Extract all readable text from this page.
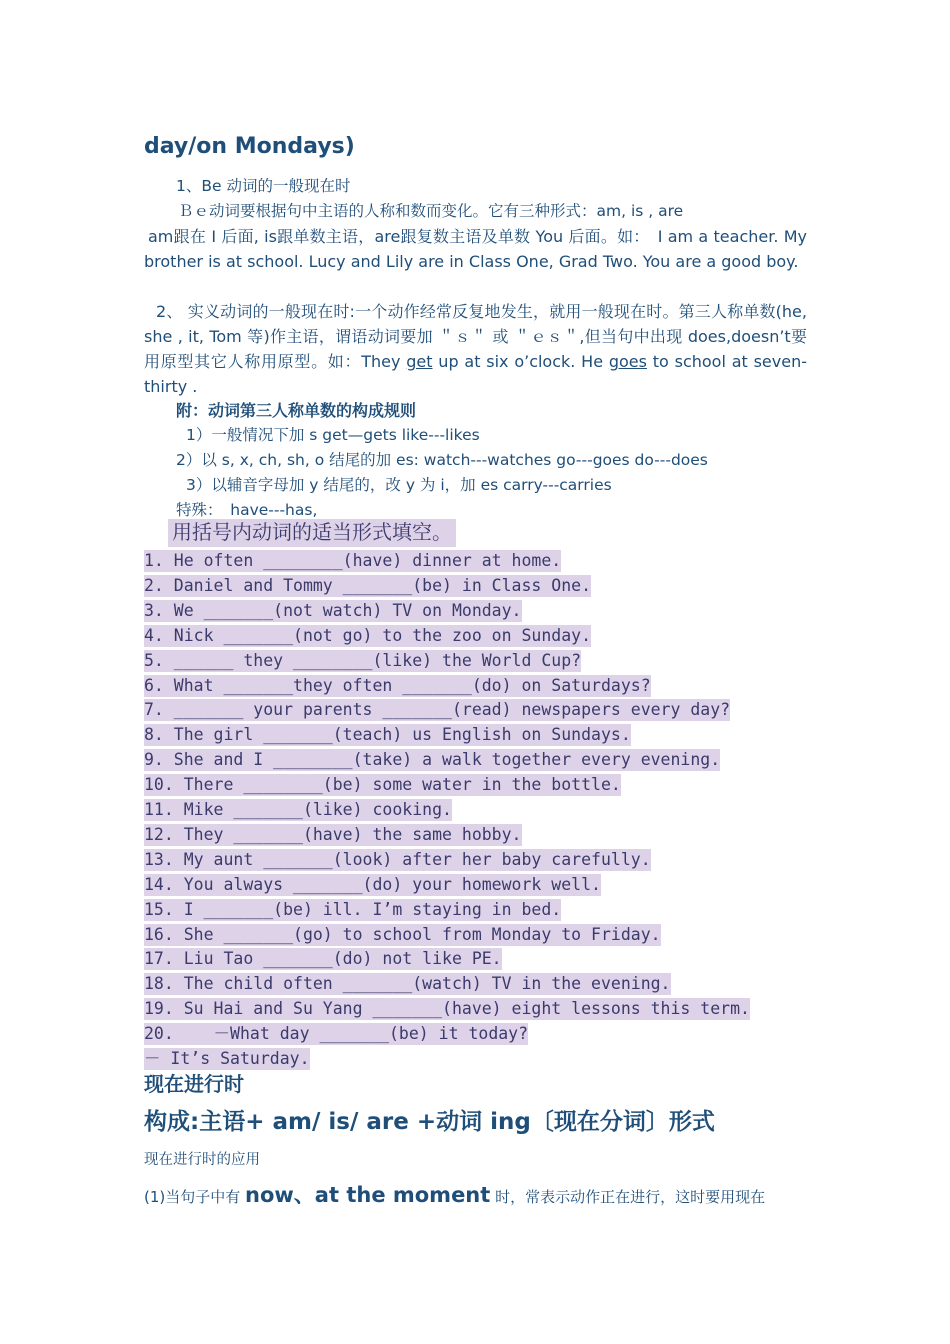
day/on Mondays)
1、Be 动词的一般现在时
Ｂｅ动词要根据句中主语的人称和数而变化。它有三种形式：am, is , are
am跟在 I 后面, is跟单数主语，are跟复数主语及单数 You 后面。如：　I am a teacher. My brother is at school. Lucy and Lily are in Class One, Grad Two. You are a good boy.
2、 实义动词的一般现在时:一个动作经常反复地发生，就用一般现在时。第三人称单数(he, she , it, Tom 等)作主语，谓语动词要加 ＂ｓ＂ 或 ＂ｅｓ＂,但当句中出现 does,doesn’t要用原型其它人称用原型。如：They get up at six o’clock. He goes to school at seven- thirty .
附：动词第三人称单数的构成规则
1）一般情况下加 s get—gets like---likes
2）以 s, x, ch, sh, o 结尾的加 es: watch---watches go---goes do---does
3）以辅音字母加 y 结尾的，改 y 为 i，加 es carry---carries
特殊：　have---has,
用括号内动词的适当形式填空。
1. He often ________(have) dinner at home.
2. Daniel and Tommy _______(be) in Class One.
3. We _______(not watch) TV on Monday.
4. Nick _______(not go) to the zoo on Sunday.
5. ______ they ________(like) the World Cup?
6. What _______they often _______(do) on Saturdays?
7. _______ your parents _______(read) newspapers every day?
8. The girl _______(teach) us English on Sundays.
9. She and I ________(take) a walk together every evening.
10. There ________(be) some water in the bottle.
11. Mike _______(like) cooking.
12. They _______(have) the same hobby.
13. My aunt _______(look) after her baby carefully.
14. You always _______(do) your homework well.
15. I _______(be) ill. I’m staying in bed.
16. She _______(go) to school from Monday to Friday.
17. Liu Tao _______(do) not like PE.
18. The child often _______(watch) TV in the evening.
19. Su Hai and Su Yang _______(have) eight lessons this term.
20.    －What day _______(be) it today?
－ It’s Saturday.
现在进行时
构成:主语+ am/ is/ are +动词 ing〔现在分词〕形式
现在进行时的应用
(1)当句子中有 now、at the moment 时，常表示动作正在进行，这时要用现在
